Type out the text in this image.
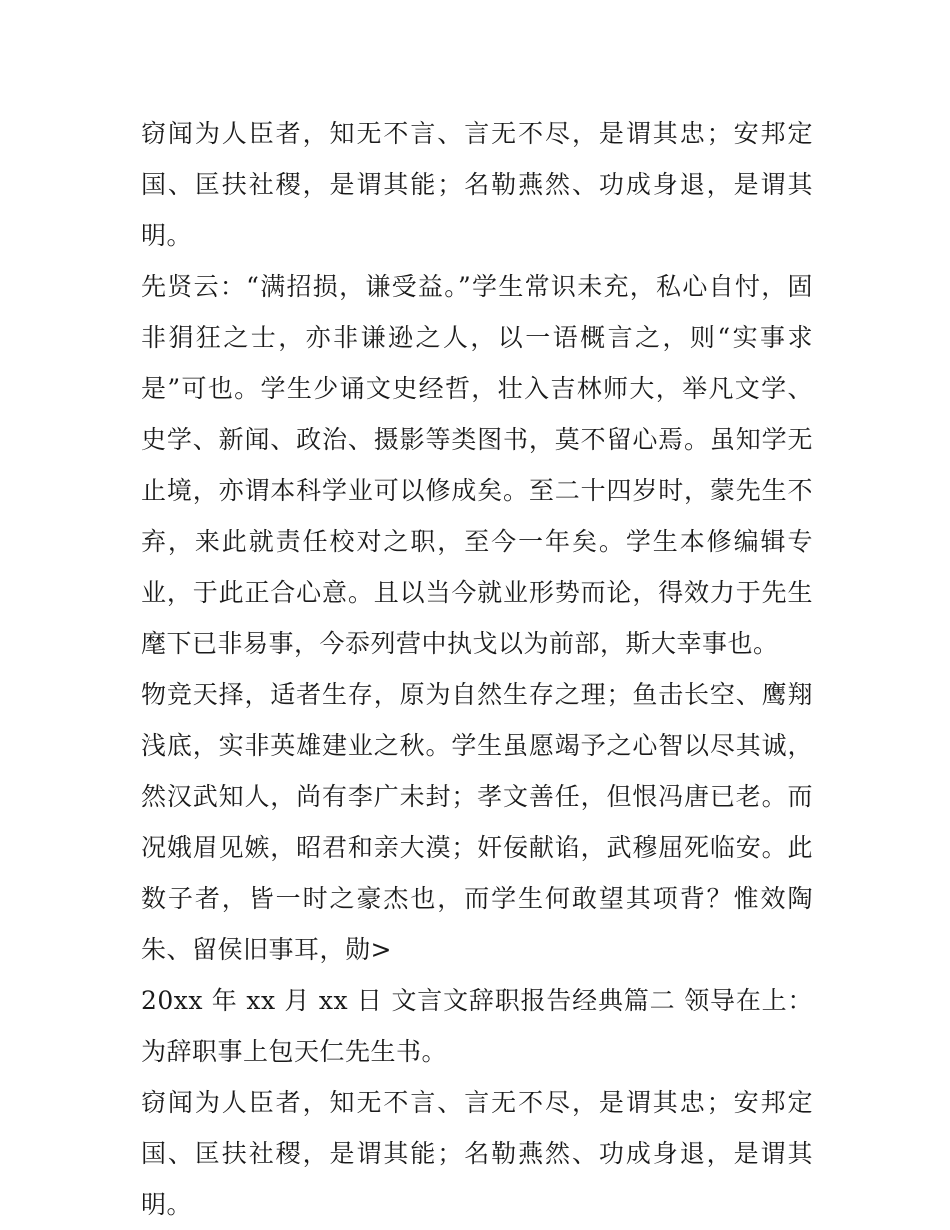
窃闻为人臣者，知无不言、言无不尽，是谓其忠；安邦定国、匡扶社稷，是谓其能；名勒燕然、功成身退，是谓其明。

先贤云：“满招损，谦受益。”学生常识未充，私心自忖，固非狷狂之士，亦非谦逊之人，以一语概言之，则“实事求是”可也。学生少诵文史经哲，壮入吉林师大，举凡文学、史学、新闻、政治、摄影等类图书，莫不留心焉。虽知学无止境，亦谓本科学业可以修成矣。至二十四岁时，蒙先生不弃，来此就责任校对之职，至今一年矣。学生本修编辑专业，于此正合心意。且以当今就业形势而论，得效力于先生麾下已非易事，今忝列营中执戈以为前部，斯大幸事也。

物竞天择，适者生存，原为自然生存之理；鱼击长空、鹰翔浅底，实非英雄建业之秋。学生虽愿竭予之心智以尽其诚，然汉武知人，尚有李广未封；孝文善任，但恨冯唐已老。而况娥眉见嫉，昭君和亲大漠；奸佞献谄，武穆屈死临安。此数子者，皆一时之豪杰也，而学生何敢望其项背？惟效陶朱、留侯旧事耳，勋>

20xx 年 xx 月 xx 日 文言文辞职报告经典篇二 领导在上： 为辞职事上包天仁先生书。

窃闻为人臣者，知无不言、言无不尽，是谓其忠；安邦定国、匡扶社稷，是谓其能；名勒燕然、功成身退，是谓其明。
